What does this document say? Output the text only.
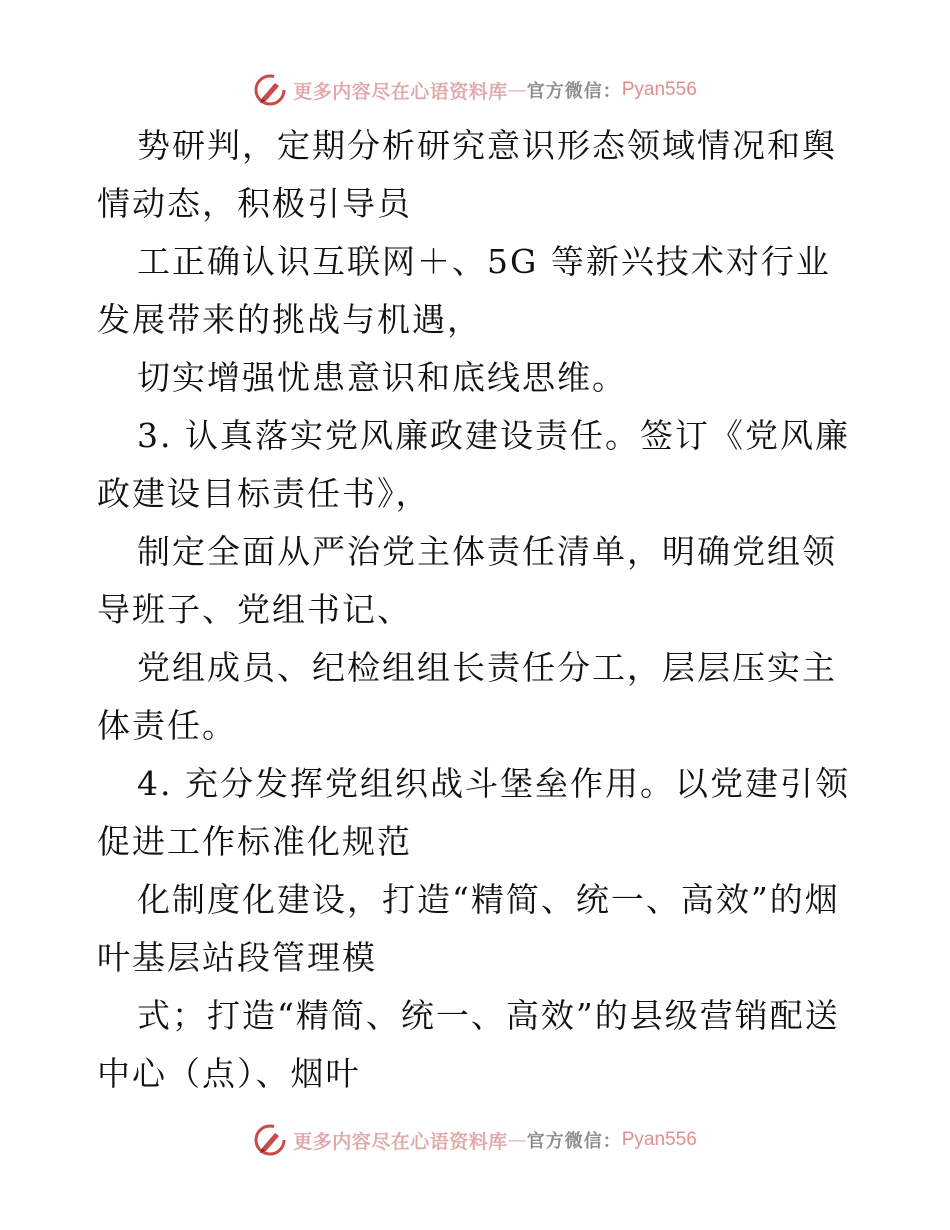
更多内容尽在心语资料库 — 官方微信： Pyan556

势研判，定期分析研究意识形态领域情况和舆情动态，积极引导员

工正确认识互联网＋、5G 等新兴技术对行业发展带来的挑战与机遇，

切实增强忧患意识和底线思维。

3. 认真落实党风廉政建设责任。签订《党风廉政建设目标责任书》，

制定全面从严治党主体责任清单，明确党组领导班子、党组书记、

党组成员、纪检组组长责任分工，层层压实主体责任。

4. 充分发挥党组织战斗堡垒作用。以党建引领促进工作标准化规范

化制度化建设，打造“精简、统一、高效”的烟叶基层站段管理模

式；打造“精简、统一、高效”的县级营销配送中心（点）、烟叶

更多内容尽在心语资料库 — 官方微信： Pyan556
